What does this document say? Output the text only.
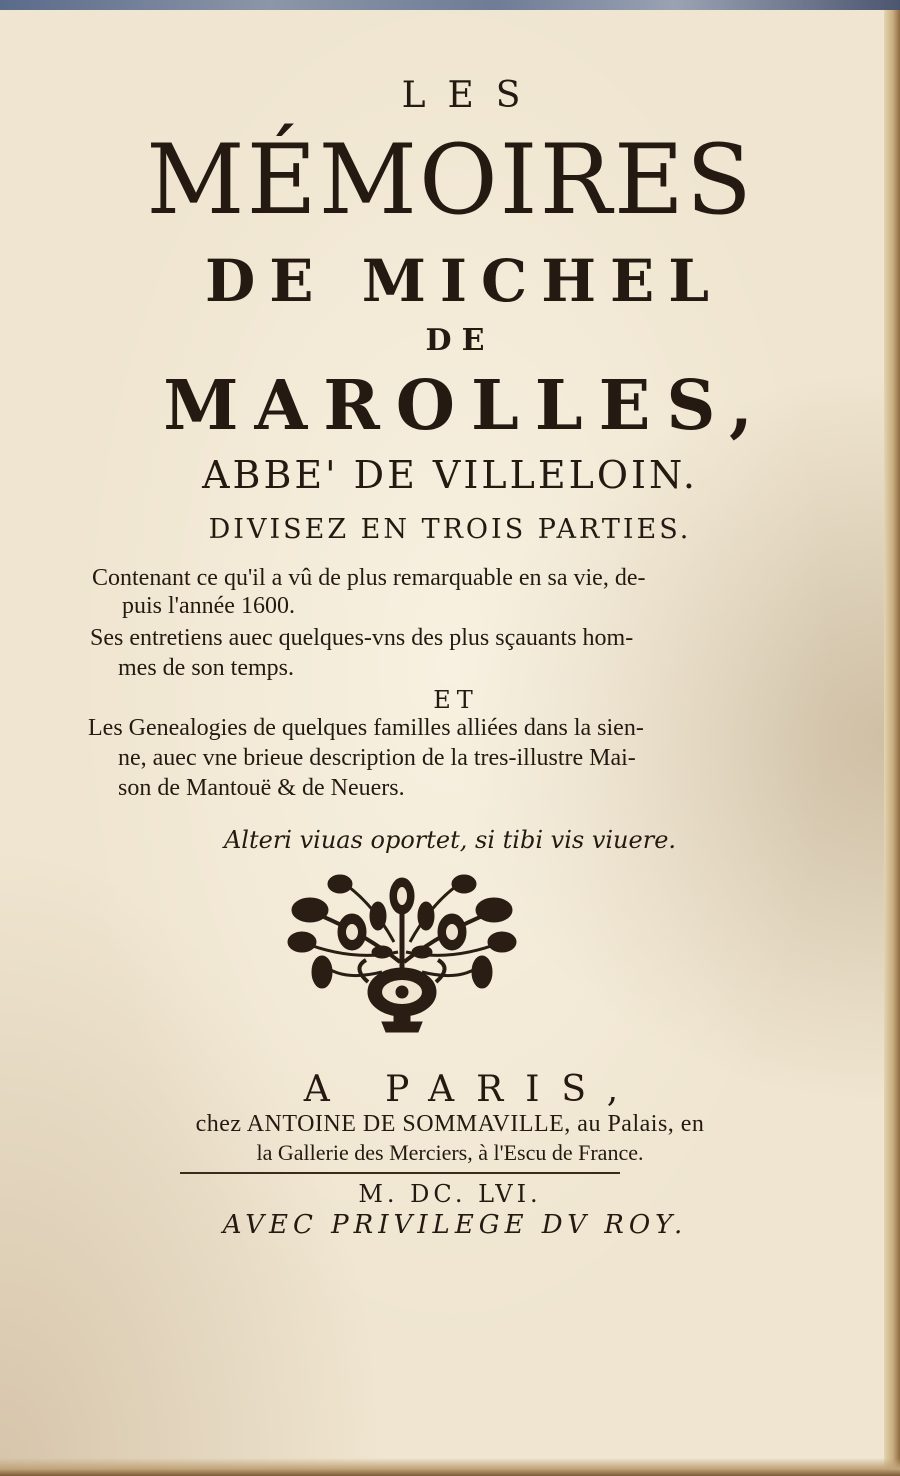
LES
MÉMOIRES
DE MICHEL
DE
MAROLLES,
ABBE' DE VILLELOIN.
DIVISEZ EN TROIS PARTIES.
Contenant ce qu'il a vû de plus remarquable en sa vie, de-
puis l'année 1600.
Ses entretiens auec quelques-vns des plus sçauants hom-
mes de son temps.
ET
Les Genealogies de quelques familles alliées dans la sien-
ne, auec vne brieue description de la tres-illustre Mai-
son de Mantouë & de Neuers.
Alteri viuas oportet, si tibi vis viuere.
A PARIS,
chez ANTOINE DE SOMMAVILLE, au Palais, en
la Gallerie des Merciers, à l'Escu de France.
M. DC. LVI.
AVEC PRIVILEGE DV ROY.
